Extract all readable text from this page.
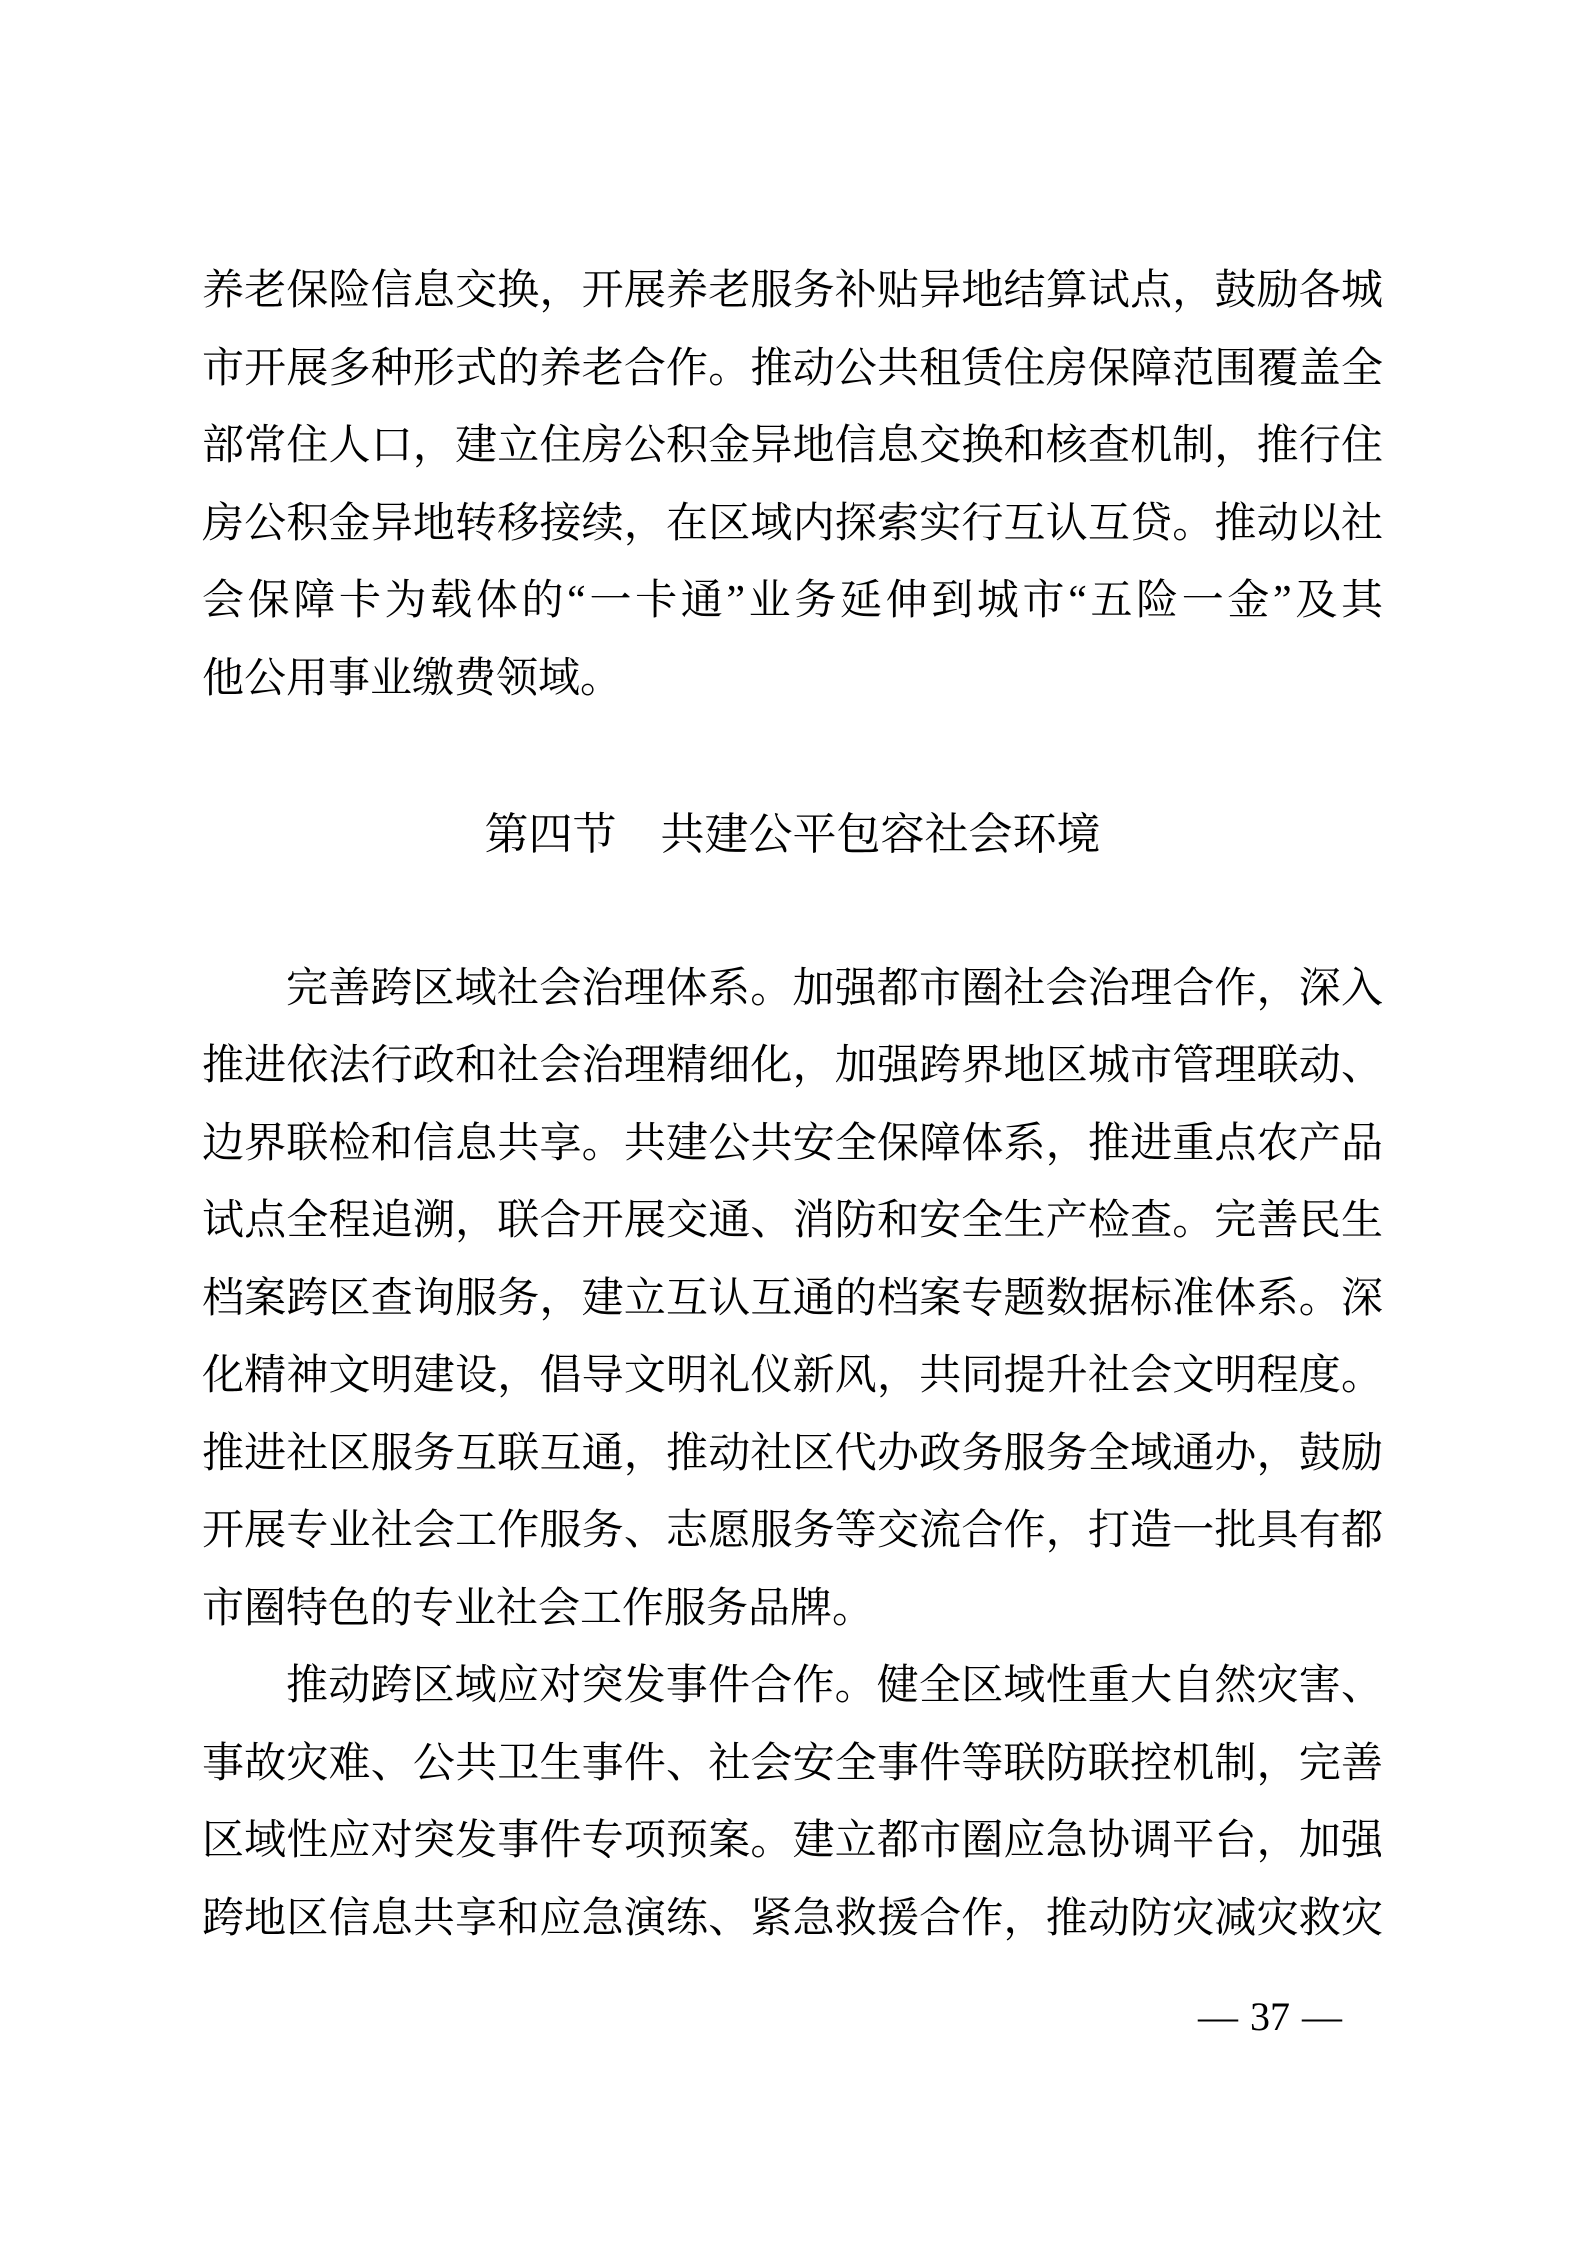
养老保险信息交换，开展养老服务补贴异地结算试点，鼓励各城
市开展多种形式的养老合作。推动公共租赁住房保障范围覆盖全
部常住人口，建立住房公积金异地信息交换和核查机制，推行住
房公积金异地转移接续，在区域内探索实行互认互贷。推动以社
会保障卡为载体的“一卡通”业务延伸到城市“五险一金”及其
他公用事业缴费领域。
第四节 共建公平包容社会环境
完善跨区域社会治理体系。加强都市圈社会治理合作，深入
推进依法行政和社会治理精细化，加强跨界地区城市管理联动、
边界联检和信息共享。共建公共安全保障体系，推进重点农产品
试点全程追溯，联合开展交通、消防和安全生产检查。完善民生
档案跨区查询服务，建立互认互通的档案专题数据标准体系。深
化精神文明建设，倡导文明礼仪新风，共同提升社会文明程度。
推进社区服务互联互通，推动社区代办政务服务全域通办，鼓励
开展专业社会工作服务、志愿服务等交流合作，打造一批具有都
市圈特色的专业社会工作服务品牌。
推动跨区域应对突发事件合作。健全区域性重大自然灾害、
事故灾难、公共卫生事件、社会安全事件等联防联控机制，完善
区域性应对突发事件专项预案。建立都市圈应急协调平台，加强
跨地区信息共享和应急演练、紧急救援合作，推动防灾减灾救灾
— 37 —
